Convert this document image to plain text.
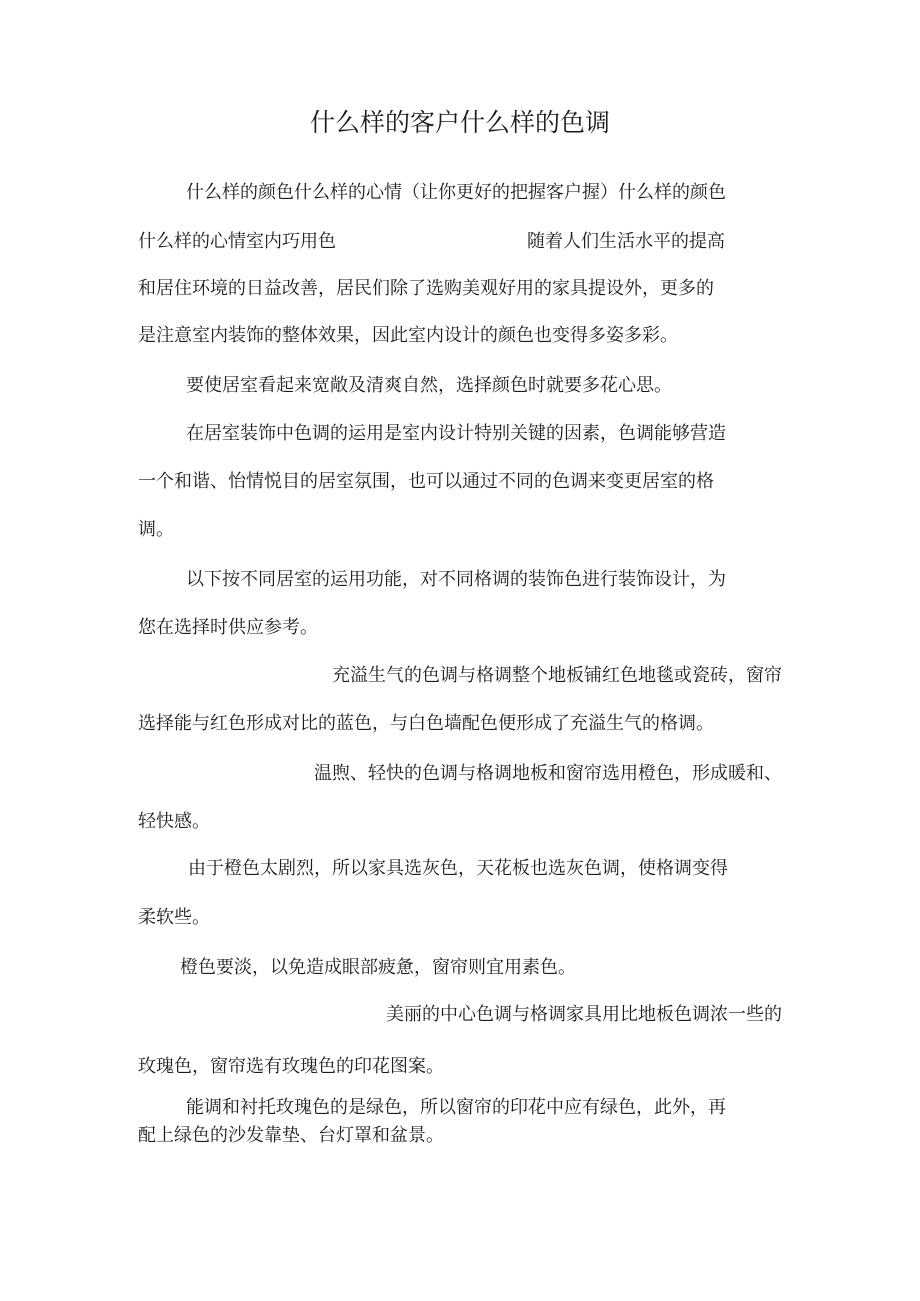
什么样的客户什么样的色调
什么样的颜色什么样的心情（让你更好的把握客户握）什么样的颜色
什么样的心情室内巧用色	随着人们生活水平的提高
和居住环境的日益改善，居民们除了选购美观好用的家具提设外，更多的
是注意室内装饰的整体效果，因此室内设计的颜色也变得多姿多彩。
要使居室看起来宽敞及清爽自然，选择颜色时就要多花心思。
在居室装饰中色调的运用是室内设计特别关键的因素，色调能够营造
一个和谐、怡情悦目的居室氛围，也可以通过不同的色调来变更居室的格
调。
以下按不同居室的运用功能，对不同格调的装饰色进行装饰设计，为
您在选择时供应参考。
充溢生气的色调与格调整个地板铺红色地毯或瓷砖，窗帘
选择能与红色形成对比的蓝色，与白色墙配色便形成了充溢生气的格调。
温煦、轻快的色调与格调地板和窗帘选用橙色，形成暖和、
轻快感。
由于橙色太剧烈，所以家具选灰色，天花板也选灰色调，使格调变得
柔软些。
橙色要淡，以免造成眼部疲惫，窗帘则宜用素色。
美丽的中心色调与格调家具用比地板色调浓一些的
玫瑰色，窗帘选有玫瑰色的印花图案。
能调和衬托玫瑰色的是绿色，所以窗帘的印花中应有绿色，此外，再
配上绿色的沙发靠垫、台灯罩和盆景。
